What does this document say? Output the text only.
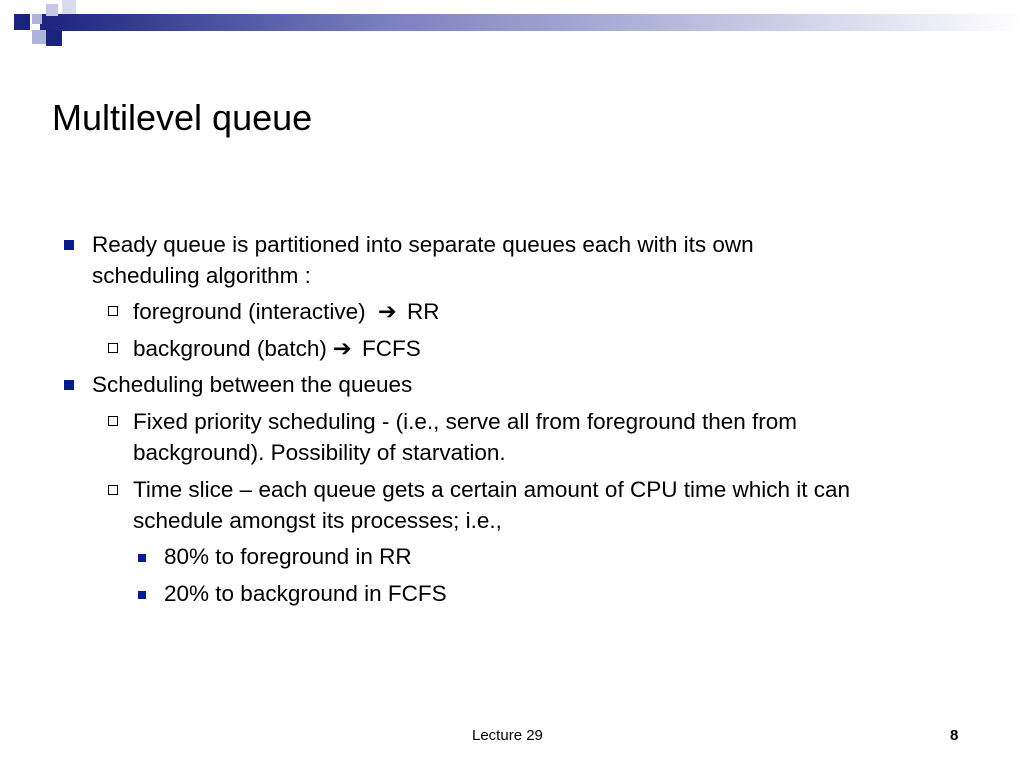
Multilevel queue
Ready queue is partitioned into separate queues each with its own
scheduling algorithm :
foreground (interactive) ➔ RR
background (batch) ➔ FCFS
Scheduling between the queues
Fixed priority scheduling - (i.e., serve all from foreground then from
background). Possibility of starvation.
Time slice – each queue gets a certain amount of CPU time which it can
schedule amongst its processes; i.e.,
80% to foreground in RR
20% to background in FCFS
Lecture 29	8
